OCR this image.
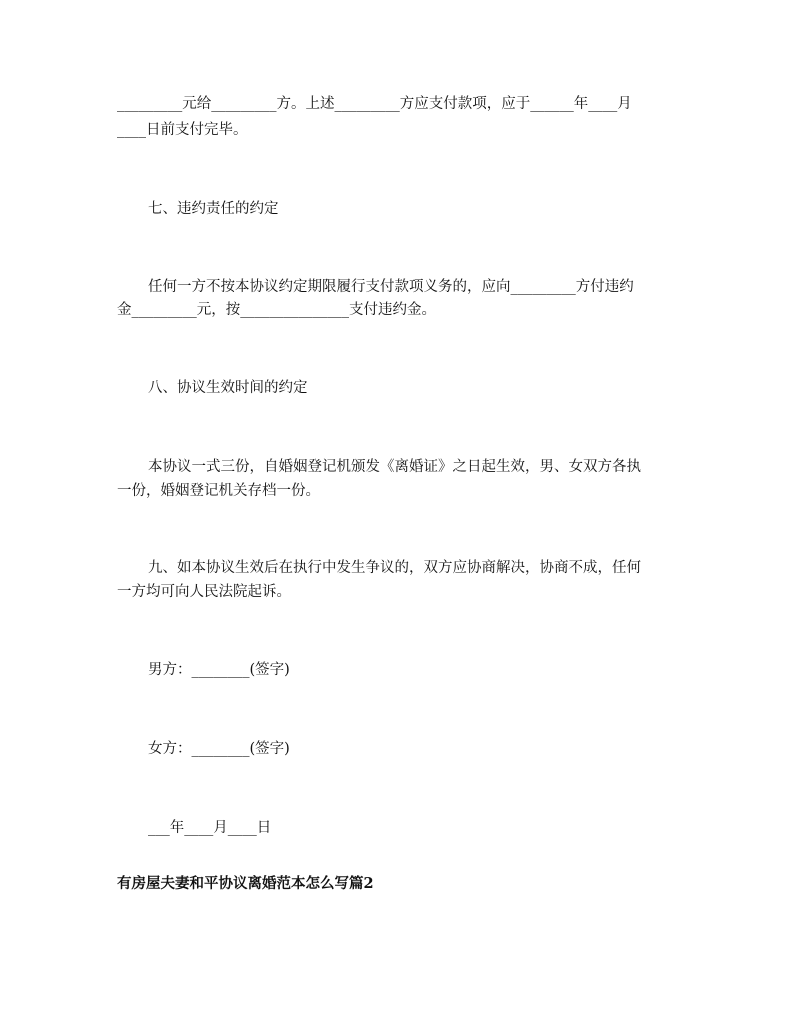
_________元给_________方。上述_________方应支付款项，应于______年____月
____日前支付完毕。
七、违约责任的约定
任何一方不按本协议约定期限履行支付款项义务的，应向_________方付违约
金_________元，按_______________支付违约金。
八、协议生效时间的约定
本协议一式三份，自婚姻登记机颁发《离婚证》之日起生效，男、女双方各执
一份，婚姻登记机关存档一份。
九、如本协议生效后在执行中发生争议的，双方应协商解决，协商不成，任何
一方均可向人民法院起诉。
男方：________(签字)
女方：________(签字)
___年____月____日
有房屋夫妻和平协议离婚范本怎么写篇2
